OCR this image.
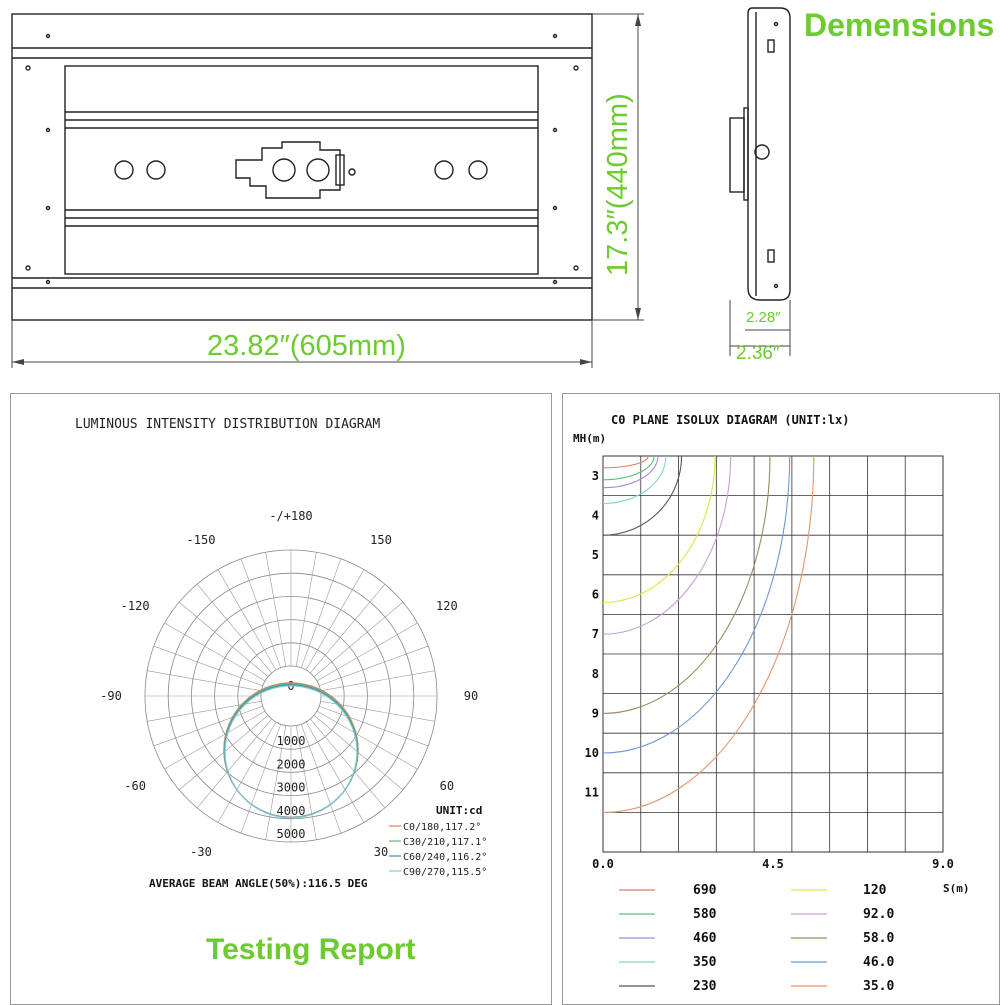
Demensions
23.82″(605mm)
17.3″(440mm)
2.28″
2.36″
LUMINOUS INTENSITY DISTRIBUTION DIAGRAM
-/+180
-150	150
-120	120
-90	90
-60	60
-30	30
0
1000
2000
3000
4000
5000
UNIT:cd
C0/180,117.2°
C30/210,117.1°
C60/240,116.2°
C90/270,115.5°
AVERAGE BEAM ANGLE(50%):116.5 DEG
Testing Report
C0 PLANE ISOLUX DIAGRAM (UNIT:lx)
MH(m)
S(m)
3
4
5
6
7
8
9
10
11
0.0	4.5	9.0
690
580
460
350
230
120
92.0
58.0
46.0
35.0
